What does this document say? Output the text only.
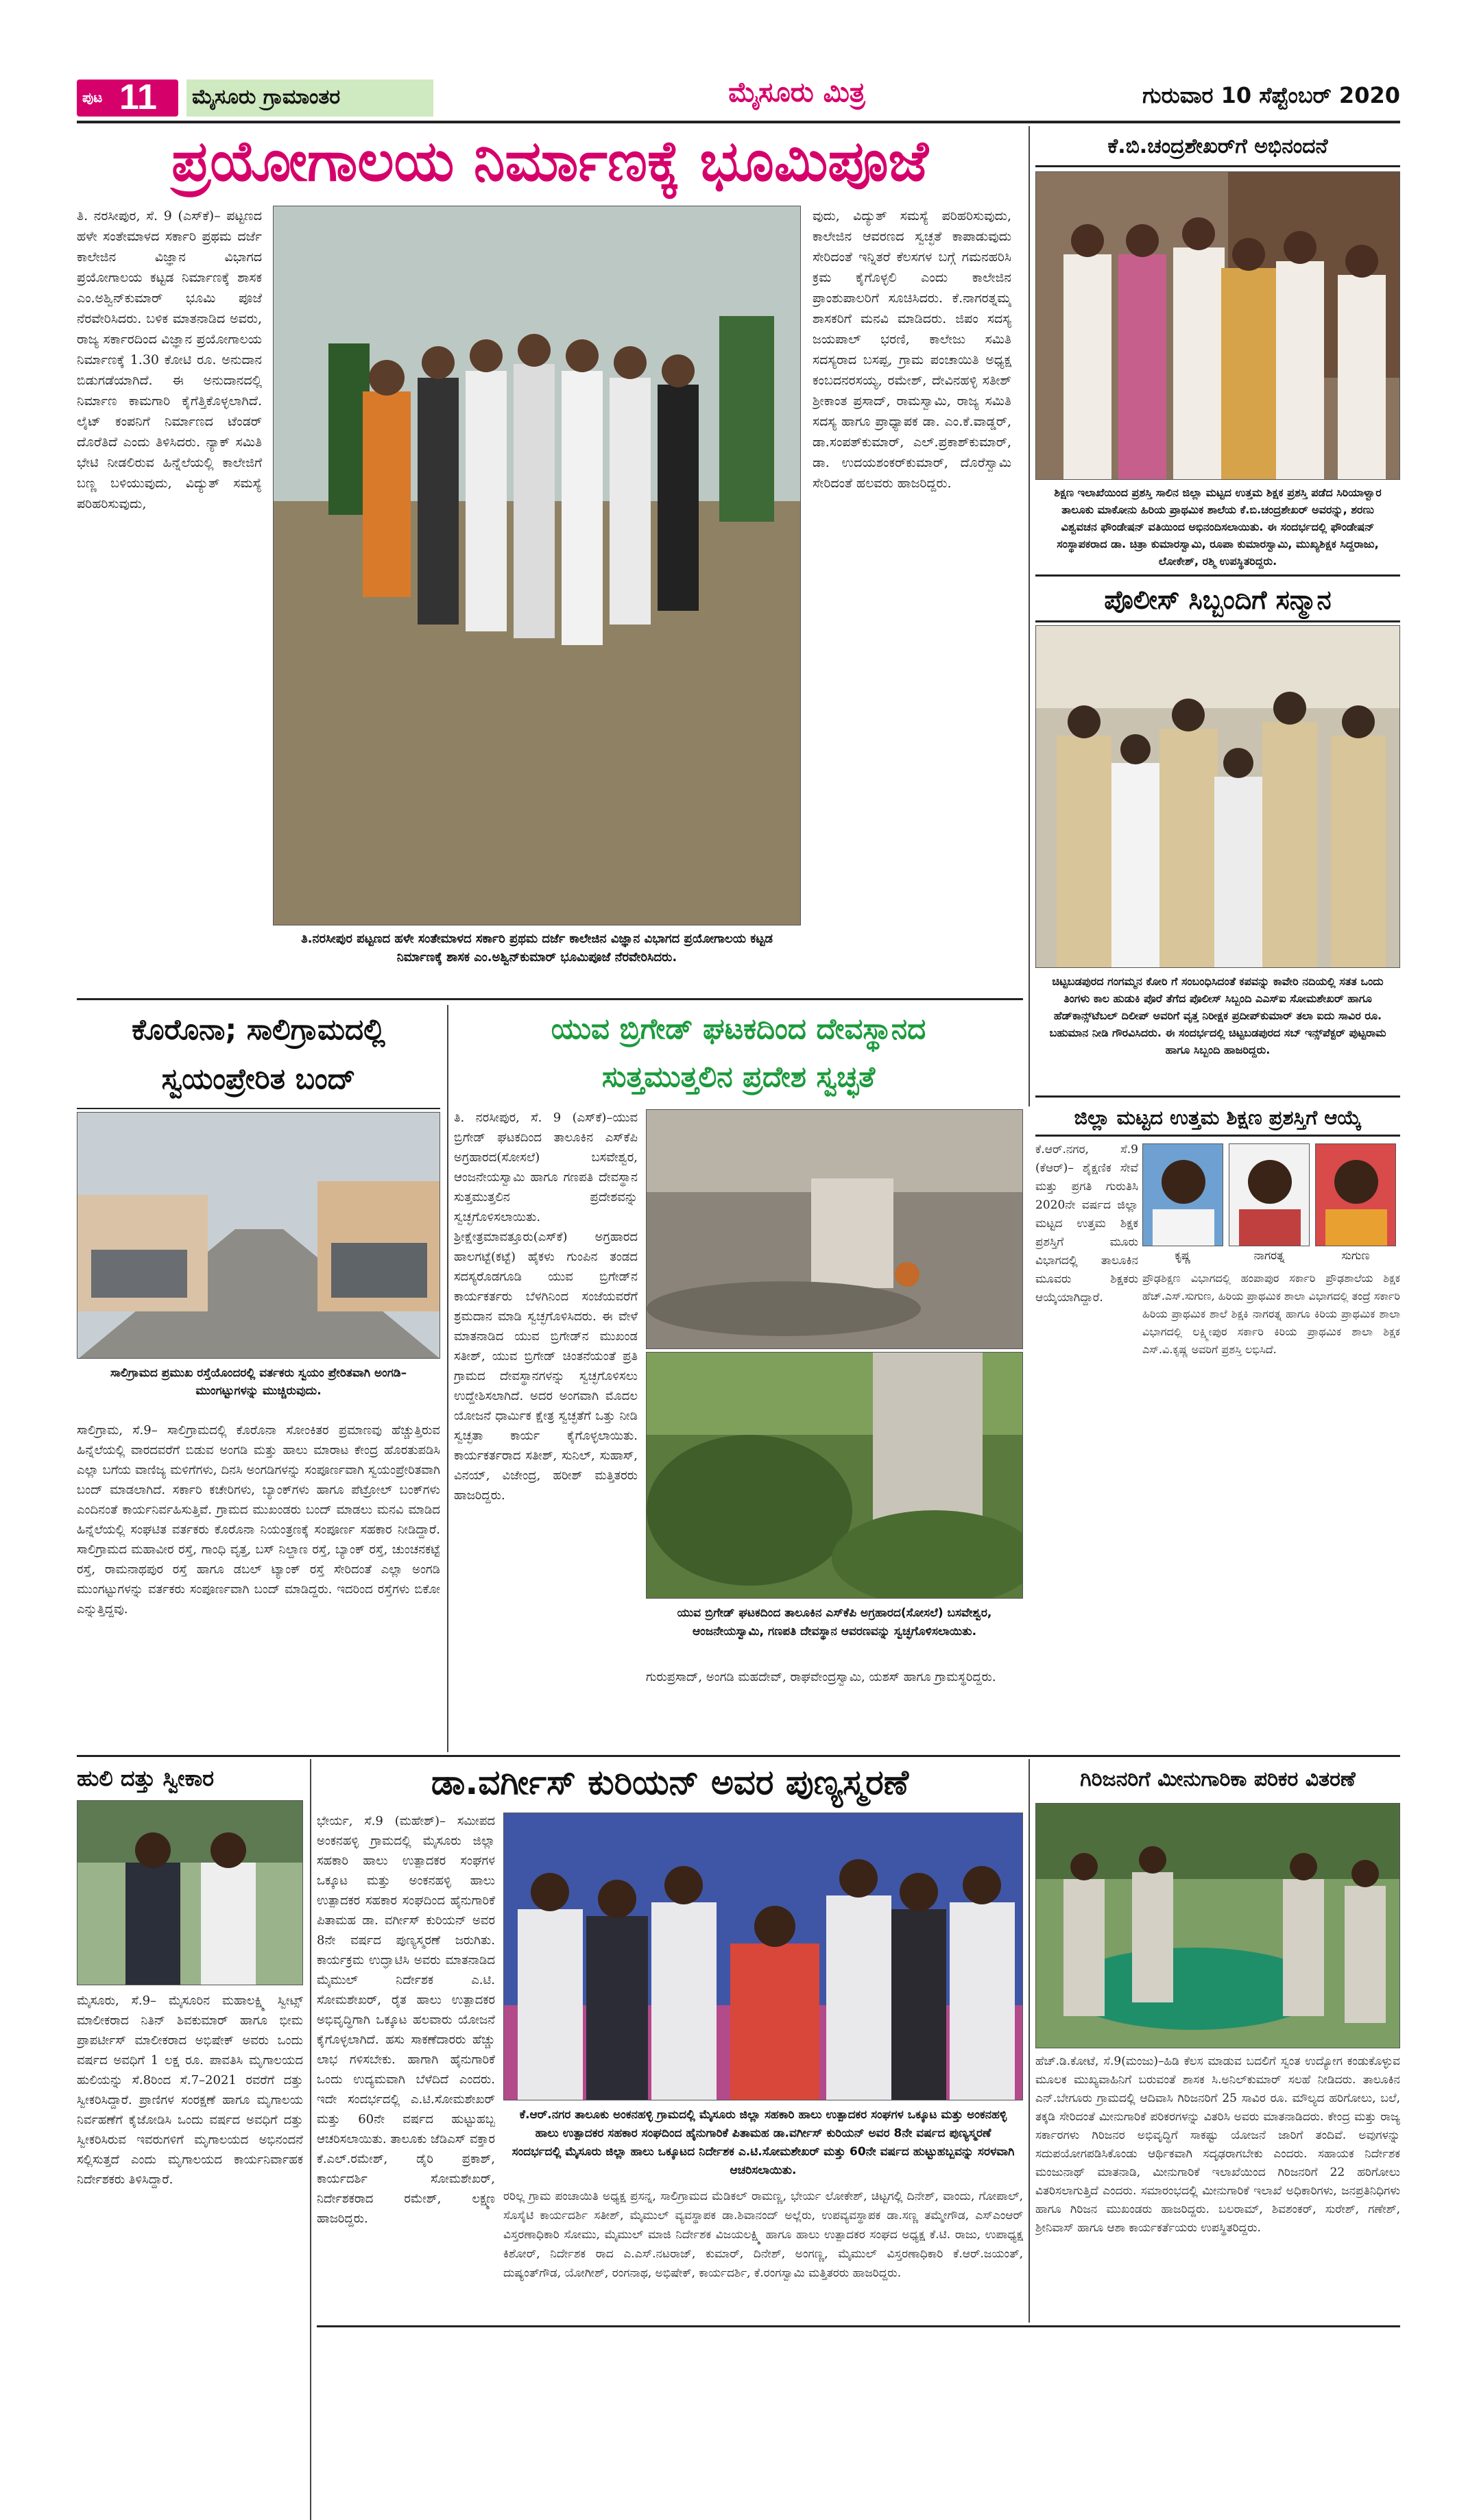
ಪುಟ 11 ಮೈಸೂರು ಗ್ರಾಮಾಂತರ	ಮೈಸೂರು ಮಿತ್ರ	ಗುರುವಾರ 10 ಸೆಪ್ಟೆಂಬರ್ 2020
ಪ್ರಯೋಗಾಲಯ ನಿರ್ಮಾಣಕ್ಕೆ ಭೂಮಿಪೂಜೆ
ತಿ. ನರಸೀಪುರ, ಸೆ. 9 (ಎಸ್‌ಕೆ)– ಪಟ್ಟಣದ ಹಳೇ ಸಂತೇಮಾಳದ ಸರ್ಕಾರಿ ಪ್ರಥಮ ದರ್ಜೆ ಕಾಲೇಜಿನ ವಿಜ್ಞಾನ ವಿಭಾಗದ ಪ್ರಯೋಗಾಲಯ ಕಟ್ಟಡ ನಿರ್ಮಾಣಕ್ಕೆ ಶಾಸಕ ಎಂ.ಅಶ್ವಿನ್‌ಕುಮಾರ್ ಭೂಮಿ ಪೂಜೆ ನೆರವೇರಿಸಿದರು. ಬಳಿಕ ಮಾತನಾಡಿದ ಅವರು, ರಾಜ್ಯ ಸರ್ಕಾರದಿಂದ ವಿಜ್ಞಾನ ಪ್ರಯೋಗಾಲಯ ನಿರ್ಮಾಣಕ್ಕೆ 1.30 ಕೋಟಿ ರೂ. ಅನುದಾನ ಬಿಡುಗಡೆಯಾಗಿದೆ. ಈ ಅನುದಾನದಲ್ಲಿ ನಿರ್ಮಾಣ ಕಾಮಗಾರಿ ಕೈಗೆತ್ತಿಕೊಳ್ಳಲಾಗಿದೆ. ಲೈಟ್ ಕಂಪನಿಗೆ ನಿರ್ಮಾಣದ ಟೆಂಡರ್ ದೊರೆತಿದೆ ಎಂದು ತಿಳಿಸಿದರು. ನ್ಯಾಕ್ ಸಮಿತಿ ಭೇಟಿ ನೀಡಲಿರುವ ಹಿನ್ನೆಲೆಯಲ್ಲಿ ಕಾಲೇಜಿಗೆ ಬಣ್ಣ ಬಳಿಯುವುದು, ವಿದ್ಯುತ್ ಸಮಸ್ಯೆ ಪರಿಹರಿಸುವುದು,
ತಿ.ನರಸೀಪುರ ಪಟ್ಟಣದ ಹಳೇ ಸಂತೇಮಾಳದ ಸರ್ಕಾರಿ ಪ್ರಥಮ ದರ್ಜೆ ಕಾಲೇಜಿನ ವಿಜ್ಞಾನ ವಿಭಾಗದ ಪ್ರಯೋಗಾಲಯ ಕಟ್ಟಡ ನಿರ್ಮಾಣಕ್ಕೆ ಶಾಸಕ ಎಂ.ಅಶ್ವಿನ್‌ಕುಮಾರ್ ಭೂಮಿಪೂಜೆ ನೆರವೇರಿಸಿದರು.
ವುದು, ವಿದ್ಯುತ್ ಸಮಸ್ಯೆ ಪರಿಹರಿಸುವುದು, ಕಾಲೇಜಿನ ಆವರಣದ ಸ್ವಚ್ಛತೆ ಕಾಪಾಡುವುದು ಸೇರಿದಂತೆ ಇನ್ನಿತರೆ ಕೆಲಸಗಳ ಬಗ್ಗೆ ಗಮನಹರಿಸಿ ಕ್ರಮ ಕೈಗೊಳ್ಳಲಿ ಎಂದು ಕಾಲೇಜಿನ ಪ್ರಾಂಶುಪಾಲರಿಗೆ ಸೂಚಿಸಿದರು. ಕೆ.ನಾಗರತ್ನಮ್ಮ ಶಾಸಕರಿಗೆ ಮನವಿ ಮಾಡಿದರು. ಜಿಪಂ ಸದಸ್ಯ ಜಯಪಾಲ್ ಭರಣಿ, ಕಾಲೇಜು ಸಮಿತಿ ಸದಸ್ಯರಾದ ಬಸಪ್ಪ, ಗ್ರಾಮ ಪಂಚಾಯಿತಿ ಅಧ್ಯಕ್ಷ ಕಂಬದನರಸಯ್ಯ, ರಮೇಶ್, ದೇವಿನಹಳ್ಳಿ ಸತೀಶ್ ಶ್ರೀಕಾಂತ ಪ್ರಸಾದ್, ರಾಮಸ್ವಾಮಿ, ರಾಜ್ಯ ಸಮಿತಿ ಸದಸ್ಯ ಹಾಗೂ ಪ್ರಾಧ್ಯಾಪಕ ಡಾ. ಎಂ.ಕೆ.ವಾಡ್ಡರ್, ಡಾ.ಸಂಪತ್‌ಕುಮಾರ್, ಎಲ್.ಪ್ರಕಾಶ್‌ಕುಮಾರ್, ಡಾ. ಉದಯಶಂಕರ್‌ಕುಮಾರ್, ದೊರೆಸ್ವಾಮಿ ಸೇರಿದಂತೆ ಹಲವರು ಹಾಜರಿದ್ದರು.
ಕೆ.ಬಿ.ಚಂದ್ರಶೇಖರ್‌ಗೆ ಅಭಿನಂದನೆ
ಶಿಕ್ಷಣ ಇಲಾಖೆಯಿಂದ ಪ್ರಶಸ್ತಿ ಸಾಲಿನ ಜಿಲ್ಲಾ ಮಟ್ಟದ ಉತ್ತಮ ಶಿಕ್ಷಕ ಪ್ರಶಸ್ತಿ ಪಡೆದ ಸಿರಿಯಾಳ್ವಾರ ತಾಲೂಕು ಮಾಕೋನು ಹಿರಿಯ ಪ್ರಾಥಮಿಕ ಶಾಲೆಯ ಕೆ.ಬಿ.ಚಂದ್ರಶೇಖರ್ ಅವರನ್ನು, ಶರಣು ವಿಶ್ವವಚನ ಫೌಂಡೇಷನ್ ವತಿಯಿಂದ ಅಭಿನಂದಿಸಲಾಯಿತು. ಈ ಸಂದರ್ಭದಲ್ಲಿ ಫೌಂಡೇಷನ್ ಸಂಸ್ಥಾಪಕರಾದ ಡಾ. ಚಿತ್ರಾ ಕುಮಾರಸ್ವಾಮಿ, ರೂಪಾ ಕುಮಾರಸ್ವಾಮಿ, ಮುಖ್ಯಶಿಕ್ಷಕ ಸಿದ್ದರಾಜು, ಲೋಕೇಶ್, ರಶ್ಮಿ ಉಪಸ್ಥಿತರಿದ್ದರು.
ಪೊಲೀಸ್ ಸಿಬ್ಬಂದಿಗೆ ಸನ್ಮಾನ
ಚಿಟ್ಟಬಡಪುರದ ಗಂಗಮ್ಮನ ಕೋರಿ ಗೆ ಸಂಬಂಧಿಸಿದಂತೆ ಕಪವನ್ನು ಕಾವೇರಿ ನದಿಯಲ್ಲಿ ಸತತ ಒಂದು ತಿಂಗಳು ಕಾಲ ಹುಡುಕಿ ಪೊರೆ ತೆಗೆದ ಪೊಲೀಸ್ ಸಿಬ್ಬಂದಿ ಎಎಸ್ಐ ಸೋಮಶೇಖರ್ ಹಾಗೂ ಹೆಡ್‌ಕಾನ್ಸ್‌ಟೆಬಲ್ ದಿಲೀಪ್ ಅವರಿಗೆ ವೃತ್ತ ನಿರೀಕ್ಷಕ ಪ್ರದೀಪ್‌ಕುಮಾರ್ ತಲಾ ಐದು ಸಾವಿರ ರೂ. ಬಹುಮಾನ ನೀಡಿ ಗೌರವಿಸಿದರು. ಈ ಸಂದರ್ಭದಲ್ಲಿ ಚಿಟ್ಟಬಡಪುರದ ಸಬ್ ಇನ್ಸ್‌ಪೆಕ್ಟರ್ ಪುಟ್ಟರಾಮ ಹಾಗೂ ಸಿಬ್ಬಂದಿ ಹಾಜರಿದ್ದರು.
ಜಿಲ್ಲಾ ಮಟ್ಟದ ಉತ್ತಮ ಶಿಕ್ಷಣ ಪ್ರಶಸ್ತಿಗೆ ಆಯ್ಕೆ
ಕೆ.ಆರ್.ನಗರ, ಸೆ.9 (ಕೆಆರ್)– ಶೈಕ್ಷಣಿಕ ಸೇವೆ ಮತ್ತು ಪ್ರಗತಿ ಗುರುತಿಸಿ 2020ನೇ ವರ್ಷದ ಜಿಲ್ಲಾ ಮಟ್ಟದ ಉತ್ತಮ ಶಿಕ್ಷಕ ಪ್ರಶಸ್ತಿಗೆ ಮೂರು ವಿಭಾಗದಲ್ಲಿ ತಾಲೂಕಿನ ಮೂವರು ಶಿಕ್ಷಕರು ಆಯ್ಕೆಯಾಗಿದ್ದಾರೆ.
ಕೃಷ್ಣ	ನಾಗರತ್ನ	ಸುಗುಣ
ಪ್ರೌಢಶಿಕ್ಷಣ ವಿಭಾಗದಲ್ಲಿ ಹಂಪಾಪುರ ಸರ್ಕಾರಿ ಪ್ರೌಢಶಾಲೆಯ ಶಿಕ್ಷಕ ಹೆಚ್.ಎಸ್.ಸುಗುಣ, ಹಿರಿಯ ಪ್ರಾಥಮಿಕ ಶಾಲಾ ವಿಭಾಗದಲ್ಲಿ ತಂದ್ರೆ ಸರ್ಕಾರಿ ಹಿರಿಯ ಪ್ರಾಥಮಿಕ ಶಾಲೆ ಶಿಕ್ಷಕಿ ನಾಗರತ್ನ ಹಾಗೂ ಕಿರಿಯ ಪ್ರಾಥಮಿಕ ಶಾಲಾ ವಿಭಾಗದಲ್ಲಿ ಲಕ್ಷ್ಮೀಪುರ ಸರ್ಕಾರಿ ಕಿರಿಯ ಪ್ರಾಥಮಿಕ ಶಾಲಾ ಶಿಕ್ಷಕ ಎಸ್.ವಿ.ಕೃಷ್ಣ ಅವರಿಗೆ ಪ್ರಶಸ್ತಿ ಲಭಿಸಿದೆ.
ಕೊರೊನಾ; ಸಾಲಿಗ್ರಾಮದಲ್ಲಿ
ಸ್ವಯಂಪ್ರೇರಿತ ಬಂದ್
ಸಾಲಿಗ್ರಾಮದ ಪ್ರಮುಖ ರಸ್ತೆಯೊಂದರಲ್ಲಿ ವರ್ತಕರು ಸ್ವಯಂ ಪ್ರೇರಿತವಾಗಿ ಅಂಗಡಿ–ಮುಂಗಟ್ಟುಗಳನ್ನು ಮುಚ್ಚಿರುವುದು.
ಸಾಲಿಗ್ರಾಮ, ಸೆ.9– ಸಾಲಿಗ್ರಾಮದಲ್ಲಿ ಕೊರೊನಾ ಸೋಂಕಿತರ ಪ್ರಮಾಣವು ಹೆಚ್ಚುತ್ತಿರುವ ಹಿನ್ನೆಲೆಯಲ್ಲಿ ವಾರದವರೆಗೆ ಬಿಡುವ ಅಂಗಡಿ ಮತ್ತು ಹಾಲು ಮಾರಾಟ ಕೇಂದ್ರ ಹೊರತುಪಡಿಸಿ ಎಲ್ಲಾ ಬಗೆಯ ವಾಣಿಜ್ಯ ಮಳಿಗೆಗಳು, ದಿನಸಿ ಅಂಗಡಿಗಳನ್ನು ಸಂಪೂರ್ಣವಾಗಿ ಸ್ವಯಂಪ್ರೇರಿತವಾಗಿ ಬಂದ್ ಮಾಡಲಾಗಿದೆ. ಸರ್ಕಾರಿ ಕಚೇರಿಗಳು, ಬ್ಯಾಂಕ್‌ಗಳು ಹಾಗೂ ಪೆಟ್ರೋಲ್ ಬಂಕ್‌ಗಳು ಎಂದಿನಂತೆ ಕಾರ್ಯನಿರ್ವಹಿಸುತ್ತಿವೆ. ಗ್ರಾಮದ ಮುಖಂಡರು ಬಂದ್ ಮಾಡಲು ಮನವಿ ಮಾಡಿದ ಹಿನ್ನೆಲೆಯಲ್ಲಿ ಸಂಘಟಿತ ವರ್ತಕರು ಕೊರೊನಾ ನಿಯಂತ್ರಣಕ್ಕೆ ಸಂಪೂರ್ಣ ಸಹಕಾರ ನೀಡಿದ್ದಾರೆ. ಸಾಲಿಗ್ರಾಮದ ಮಹಾವೀರ ರಸ್ತೆ, ಗಾಂಧಿ ವೃತ್ತ, ಬಸ್ ನಿಲ್ದಾಣ ರಸ್ತೆ, ಬ್ಯಾಂಕ್ ರಸ್ತೆ, ಚುಂಚನಕಟ್ಟೆ ರಸ್ತೆ, ರಾಮನಾಥಪುರ ರಸ್ತೆ ಹಾಗೂ ಡಬಲ್ ಟ್ಯಾಂಕ್ ರಸ್ತೆ ಸೇರಿದಂತೆ ಎಲ್ಲಾ ಅಂಗಡಿ ಮುಂಗಟ್ಟುಗಳನ್ನು ವರ್ತಕರು ಸಂಪೂರ್ಣವಾಗಿ ಬಂದ್ ಮಾಡಿದ್ದರು. ಇದರಿಂದ ರಸ್ತೆಗಳು ಬಿಕೋ ಎನ್ನುತ್ತಿದ್ದವು.
ಯುವ ಬ್ರಿಗೇಡ್ ಘಟಕದಿಂದ ದೇವಸ್ಥಾನದ
ಸುತ್ತಮುತ್ತಲಿನ ಪ್ರದೇಶ ಸ್ವಚ್ಛತೆ
ತಿ. ನರಸೀಪುರ, ಸೆ. 9 (ಎಸ್‌ಕೆ)–ಯುವ ಬ್ರಿಗೇಡ್ ಘಟಕದಿಂದ ತಾಲೂಕಿನ ಎಸ್‌ಕೆಪಿ ಅಗ್ರಹಾರದ(ಸೋಸಲೆ) ಬಸವೇಶ್ವರ, ಆಂಜನೇಯಸ್ವಾಮಿ ಹಾಗೂ ಗಣಪತಿ ದೇವಸ್ಥಾನ ಸುತ್ತಮುತ್ತಲಿನ ಪ್ರದೇಶವನ್ನು ಸ್ವಚ್ಛಗೊಳಿಸಲಾಯಿತು. ಶ್ರೀಕ್ಷೇತ್ರಮಾವತ್ತೂರು(ಎಸ್‌ಕೆ) ಅಗ್ರಹಾರದ ಹಾಲಗಟ್ಟೆ(ಕಟ್ಟೆ) ಹೈಕಳು ಗುಂಪಿನ ತಂಡದ ಸದಸ್ಯರೊಡಗೂಡಿ ಯುವ ಬ್ರಿಗೇಡ್‌ನ ಕಾರ್ಯಕರ್ತರು ಬೆಳಗಿನಿಂದ ಸಂಜೆಯವರೆಗೆ ಶ್ರಮದಾನ ಮಾಡಿ ಸ್ವಚ್ಛಗೊಳಿಸಿದರು. ಈ ವೇಳೆ ಮಾತನಾಡಿದ ಯುವ ಬ್ರಿಗೇಡ್‌ನ ಮುಖಂಡ ಸತೀಶ್, ಯುವ ಬ್ರಿಗೇಡ್ ಚಿಂತನೆಯಂತೆ ಪ್ರತಿ ಗ್ರಾಮದ ದೇವಸ್ಥಾನಗಳನ್ನು ಸ್ವಚ್ಛಗೊಳಿಸಲು ಉದ್ದೇಶಿಸಲಾಗಿದೆ. ಅದರ ಅಂಗವಾಗಿ ಮೊದಲ ಯೋಜನೆ ಧಾರ್ಮಿಕ ಕ್ಷೇತ್ರ ಸ್ವಚ್ಛತೆಗೆ ಒತ್ತು ನೀಡಿ ಸ್ವಚ್ಛತಾ ಕಾರ್ಯ ಕೈಗೊಳ್ಳಲಾಯಿತು. ಕಾರ್ಯಕರ್ತರಾದ ಸತೀಶ್, ಸುನಿಲ್, ಸುಹಾಸ್, ವಿನಯ್, ವಿಜೇಂದ್ರ, ಹರೀಶ್ ಮತ್ತಿತರರು ಹಾಜರಿದ್ದರು.
ಯುವ ಬ್ರಿಗೇಡ್ ಘಟಕದಿಂದ ತಾಲೂಕಿನ ಎಸ್‌ಕೆಪಿ ಅಗ್ರಹಾರದ(ಸೋಸಲೆ) ಬಸವೇಶ್ವರ, ಆಂಜನೇಯಸ್ವಾಮಿ, ಗಣಪತಿ ದೇವಸ್ಥಾನ ಆವರಣವನ್ನು ಸ್ವಚ್ಛಗೊಳಿಸಲಾಯಿತು.
ಗುರುಪ್ರಸಾದ್, ಅಂಗಡಿ ಮಹದೇವ್, ರಾಘವೇಂದ್ರಸ್ವಾಮಿ, ಯಶಸ್ ಹಾಗೂ ಗ್ರಾಮಸ್ಥರಿದ್ದರು.
ಹುಲಿ ದತ್ತು ಸ್ವೀಕಾರ
ಮೈಸೂರು, ಸೆ.9– ಮೈಸೂರಿನ ಮಹಾಲಕ್ಷ್ಮಿ ಸ್ವೀಟ್ಸ್ ಮಾಲೀಕರಾದ ನಿತಿನ್ ಶಿವಕುಮಾರ್ ಹಾಗೂ ಭೀಮ ಪ್ರಾಪರ್ಟೀಸ್ ಮಾಲೀಕರಾದ ಅಭಿಷೇಕ್ ಅವರು ಒಂದು ವರ್ಷದ ಅವಧಿಗೆ 1 ಲಕ್ಷ ರೂ. ಪಾವತಿಸಿ ಮೃಗಾಲಯದ ಹುಲಿಯನ್ನು ಸೆ.8ರಿಂದ ಸೆ.7–2021 ರವರೆಗೆ ದತ್ತು ಸ್ವೀಕರಿಸಿದ್ದಾರೆ. ಪ್ರಾಣಿಗಳ ಸಂರಕ್ಷಣೆ ಹಾಗೂ ಮೃಗಾಲಯ ನಿರ್ವಹಣೆಗೆ ಕೈಜೋಡಿಸಿ ಒಂದು ವರ್ಷದ ಅವಧಿಗೆ ದತ್ತು ಸ್ವೀಕರಿಸಿರುವ ಇವರುಗಳಿಗೆ ಮೃಗಾಲಯದ ಅಭಿನಂದನೆ ಸಲ್ಲಿಸುತ್ತದೆ ಎಂದು ಮೃಗಾಲಯದ ಕಾರ್ಯನಿರ್ವಾಹಕ ನಿರ್ದೇಶಕರು ತಿಳಿಸಿದ್ದಾರೆ.
ಡಾ.ವರ್ಗೀಸ್ ಕುರಿಯನ್ ಅವರ ಪುಣ್ಯಸ್ಮರಣೆ
ಭೇರ್ಯ, ಸೆ.9 (ಮಹೇಶ್)– ಸಮೀಪದ ಅಂಕನಹಳ್ಳಿ ಗ್ರಾಮದಲ್ಲಿ ಮೈಸೂರು ಜಿಲ್ಲಾ ಸಹಕಾರಿ ಹಾಲು ಉತ್ಪಾದಕರ ಸಂಘಗಳ ಒಕ್ಕೂಟ ಮತ್ತು ಅಂಕನಹಳ್ಳಿ ಹಾಲು ಉತ್ಪಾದಕರ ಸಹಕಾರ ಸಂಘದಿಂದ ಹೈನುಗಾರಿಕೆ ಪಿತಾಮಹ ಡಾ. ವರ್ಗೀಸ್ ಕುರಿಯನ್ ಅವರ 8ನೇ ವರ್ಷದ ಪುಣ್ಯಸ್ಮರಣೆ ಜರುಗಿತು. ಕಾರ್ಯಕ್ರಮ ಉದ್ಘಾಟಿಸಿ ಅವರು ಮಾತನಾಡಿದ ಮೈಮುಲ್ ನಿರ್ದೇಶಕ ಎ.ಟಿ. ಸೋಮಶೇಖರ್, ರೈತ ಹಾಲು ಉತ್ಪಾದಕರ ಅಭಿವೃದ್ಧಿಗಾಗಿ ಒಕ್ಕೂಟ ಹಲವಾರು ಯೋಜನೆ ಕೈಗೊಳ್ಳಲಾಗಿದೆ. ಹಸು ಸಾಕಣೆದಾರರು ಹೆಚ್ಚು ಲಾಭ ಗಳಿಸಬೇಕು. ಹಾಗಾಗಿ ಹೈನುಗಾರಿಕೆ ಒಂದು ಉದ್ಯಮವಾಗಿ ಬೆಳೆದಿದೆ ಎಂದರು. ಇದೇ ಸಂದರ್ಭದಲ್ಲಿ ಎ.ಟಿ.ಸೋಮಶೇಖರ್ ಮತ್ತು 60ನೇ ವರ್ಷದ ಹುಟ್ಟುಹಬ್ಬ ಆಚರಿಸಲಾಯಿತು. ತಾಲೂಕು ಜೆಡಿಎಸ್ ವಕ್ತಾರ ಕೆ.ಎಲ್.ರಮೇಶ್, ಡೈರಿ ಪ್ರಕಾಶ್, ಕಾರ್ಯದರ್ಶಿ ಸೋಮಶೇಖರ್, ನಿರ್ದೇಶಕರಾದ ರಮೇಶ್, ಲಕ್ಷ್ಮಣ ಹಾಜರಿದ್ದರು.
ಕೆ.ಆರ್.ನಗರ ತಾಲೂಕು ಅಂಕನಹಳ್ಳಿ ಗ್ರಾಮದಲ್ಲಿ ಮೈಸೂರು ಜಿಲ್ಲಾ ಸಹಕಾರಿ ಹಾಲು ಉತ್ಪಾದಕರ ಸಂಘಗಳ ಒಕ್ಕೂಟ ಮತ್ತು ಅಂಕನಹಳ್ಳಿ ಹಾಲು ಉತ್ಪಾದಕರ ಸಹಕಾರ ಸಂಘದಿಂದ ಹೈನುಗಾರಿಕೆ ಪಿತಾಮಹ ಡಾ.ವರ್ಗೀಸ್ ಕುರಿಯನ್ ಅವರ 8ನೇ ವರ್ಷದ ಪುಣ್ಯಸ್ಮರಣೆ ಸಂದರ್ಭದಲ್ಲಿ ಮೈಸೂರು ಜಿಲ್ಲಾ ಹಾಲು ಒಕ್ಕೂಟದ ನಿರ್ದೇಶಕ ಎ.ಟಿ.ಸೋಮಶೇಖರ್ ಮತ್ತು 60ನೇ ವರ್ಷದ ಹುಟ್ಟುಹಬ್ಬವನ್ನು ಸರಳವಾಗಿ ಆಚರಿಸಲಾಯಿತು.
ರರಿಲ್ಲ ಗ್ರಾಮ ಪಂಚಾಯಿತಿ ಅಧ್ಯಕ್ಷ ಪ್ರಸನ್ನ, ಸಾಲಿಗ್ರಾಮದ ಮೆಡಿಕಲ್ ರಾಮಣ್ಣ, ಭೇರ್ಯ ಲೋಕೇಶ್, ಚಿಟ್ಟಗಲ್ಲಿ ದಿನೇಶ್, ವಾಂದು, ಗೋಪಾಲ್, ಸೊಸೈಟಿ ಕಾರ್ಯದರ್ಶಿ ಸತೀಶ್, ಮೈಮುಲ್ ವ್ಯವಸ್ಥಾಪಕ ಡಾ.ಶಿವಾನಂದ್ ಅಲ್ಲೆರು, ಉಪವ್ಯವಸ್ಥಾಪಕ ಡಾ.ಸಣ್ಣ ತಮ್ಮೇಗೌಡ, ಎಸ್‌ಎಂಆರ್ ವಿಸ್ತರಣಾಧಿಕಾರಿ ಸೋಮು, ಮೈಮುಲ್ ಮಾಜಿ ನಿರ್ದೇಶಕ ವಿಜಯಲಕ್ಷ್ಮಿ ಹಾಗೂ ಹಾಲು ಉತ್ಪಾದಕರ ಸಂಘದ ಅಧ್ಯಕ್ಷ ಕೆ.ಟಿ. ರಾಜು, ಉಪಾಧ್ಯಕ್ಷ ಕಿಶೋರ್, ನಿರ್ದೇಶಕ ರಾದ ಎ.ಎಸ್.ನಟರಾಜ್, ಕುಮಾರ್, ದಿನೇಶ್, ಅಂಗಣ್ಣ, ಮೈಮುಲ್ ವಿಸ್ತರಣಾಧಿಕಾರಿ ಕೆ.ಆರ್.ಜಯಂತ್, ದುಷ್ಯಂತ್‌ಗೌಡ, ಯೋಗೀಶ್, ರಂಗನಾಥ, ಅಭಿಷೇಕ್, ಕಾರ್ಯದರ್ಶಿ, ಕೆ.ರಂಗಸ್ವಾಮಿ ಮತ್ತಿತರರು ಹಾಜರಿದ್ದರು.
ಗಿರಿಜನರಿಗೆ ಮೀನುಗಾರಿಕಾ ಪರಿಕರ ವಿತರಣೆ
ಹೆಚ್.ಡಿ.ಕೋಟೆ, ಸೆ.9(ಮಂಜು)–ಹಿಡಿ ಕೆಲಸ ಮಾಡುವ ಬದಲಿಗೆ ಸ್ವಂತ ಉದ್ಯೋಗ ಕಂಡುಕೊಳ್ಳುವ ಮೂಲಕ ಮುಖ್ಯವಾಹಿನಿಗೆ ಬರುವಂತೆ ಶಾಸಕ ಸಿ.ಅನಿಲ್‌ಕುಮಾರ್ ಸಲಹೆ ನೀಡಿದರು. ತಾಲೂಕಿನ ಎನ್.ಬೇಗೂರು ಗ್ರಾಮದಲ್ಲಿ ಆದಿವಾಸಿ ಗಿರಿಜನರಿಗೆ 25 ಸಾವಿರ ರೂ. ಮೌಲ್ಯದ ಹರಿಗೋಲು, ಬಲೆ, ತಕ್ಕಡಿ ಸೇರಿದಂತೆ ಮೀನುಗಾರಿಕೆ ಪರಿಕರಗಳನ್ನು ವಿತರಿಸಿ ಅವರು ಮಾತನಾಡಿದರು. ಕೇಂದ್ರ ಮತ್ತು ರಾಜ್ಯ ಸರ್ಕಾರಗಳು ಗಿರಿಜನರ ಅಭಿವೃದ್ಧಿಗೆ ಸಾಕಷ್ಟು ಯೋಜನೆ ಜಾರಿಗೆ ತಂದಿವೆ. ಅವುಗಳನ್ನು ಸದುಪಯೋಗಪಡಿಸಿಕೊಂಡು ಆರ್ಥಿಕವಾಗಿ ಸದೃಢರಾಗಬೇಕು ಎಂದರು. ಸಹಾಯಕ ನಿರ್ದೇಶಕ ಮಂಜುನಾಥ್ ಮಾತನಾಡಿ, ಮೀನುಗಾರಿಕೆ ಇಲಾಖೆಯಿಂದ ಗಿರಿಜನರಿಗೆ 22 ಹರಿಗೋಲು ವಿತರಿಸಲಾಗುತ್ತಿದೆ ಎಂದರು. ಸಮಾರಂಭದಲ್ಲಿ ಮೀನುಗಾರಿಕೆ ಇಲಾಖೆ ಅಧಿಕಾರಿಗಳು, ಜನಪ್ರತಿನಿಧಿಗಳು ಹಾಗೂ ಗಿರಿಜನ ಮುಖಂಡರು ಹಾಜರಿದ್ದರು. ಬಲರಾಮ್, ಶಿವಶಂಕರ್, ಸುರೇಶ್, ಗಣೇಶ್, ಶ್ರೀನಿವಾಸ್ ಹಾಗೂ ಆಶಾ ಕಾರ್ಯಕರ್ತೆಯರು ಉಪಸ್ಥಿತರಿದ್ದರು.
